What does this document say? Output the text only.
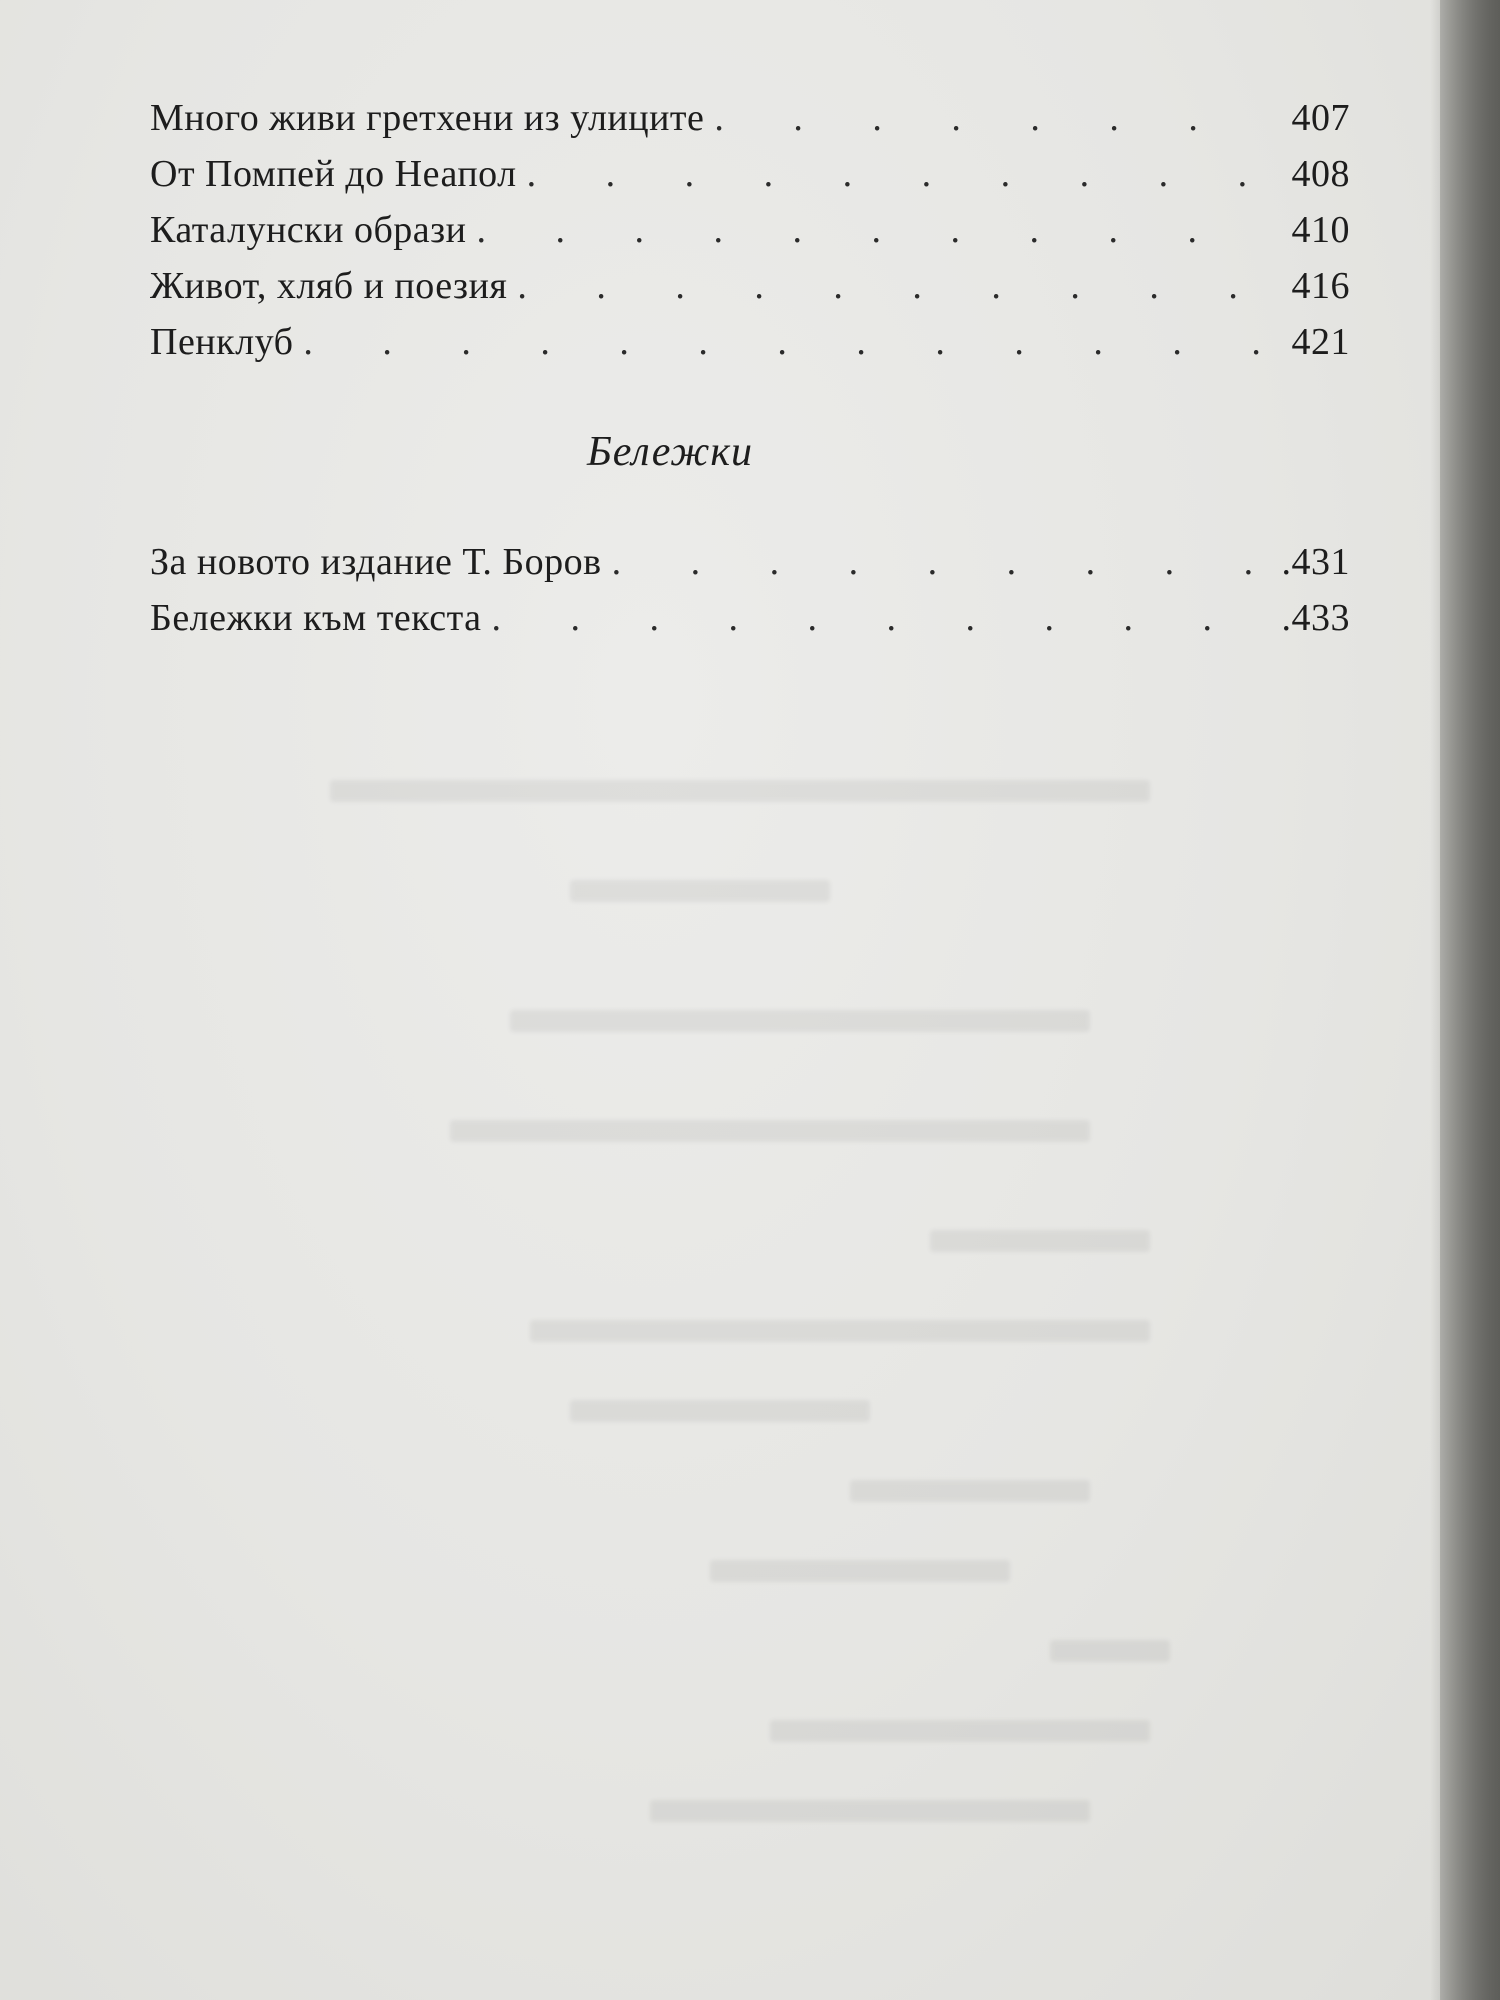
Много живи гретхени из улиците . . .	407
От Помпей до Неапол . . .	408
Каталунски образи . . .	410
Живот, хляб и поезия . . .	416
Пенклуб . . .	421
Бележки
За новото издание Т. Боров . . .	.431
Бележки към текста . . .	.433
